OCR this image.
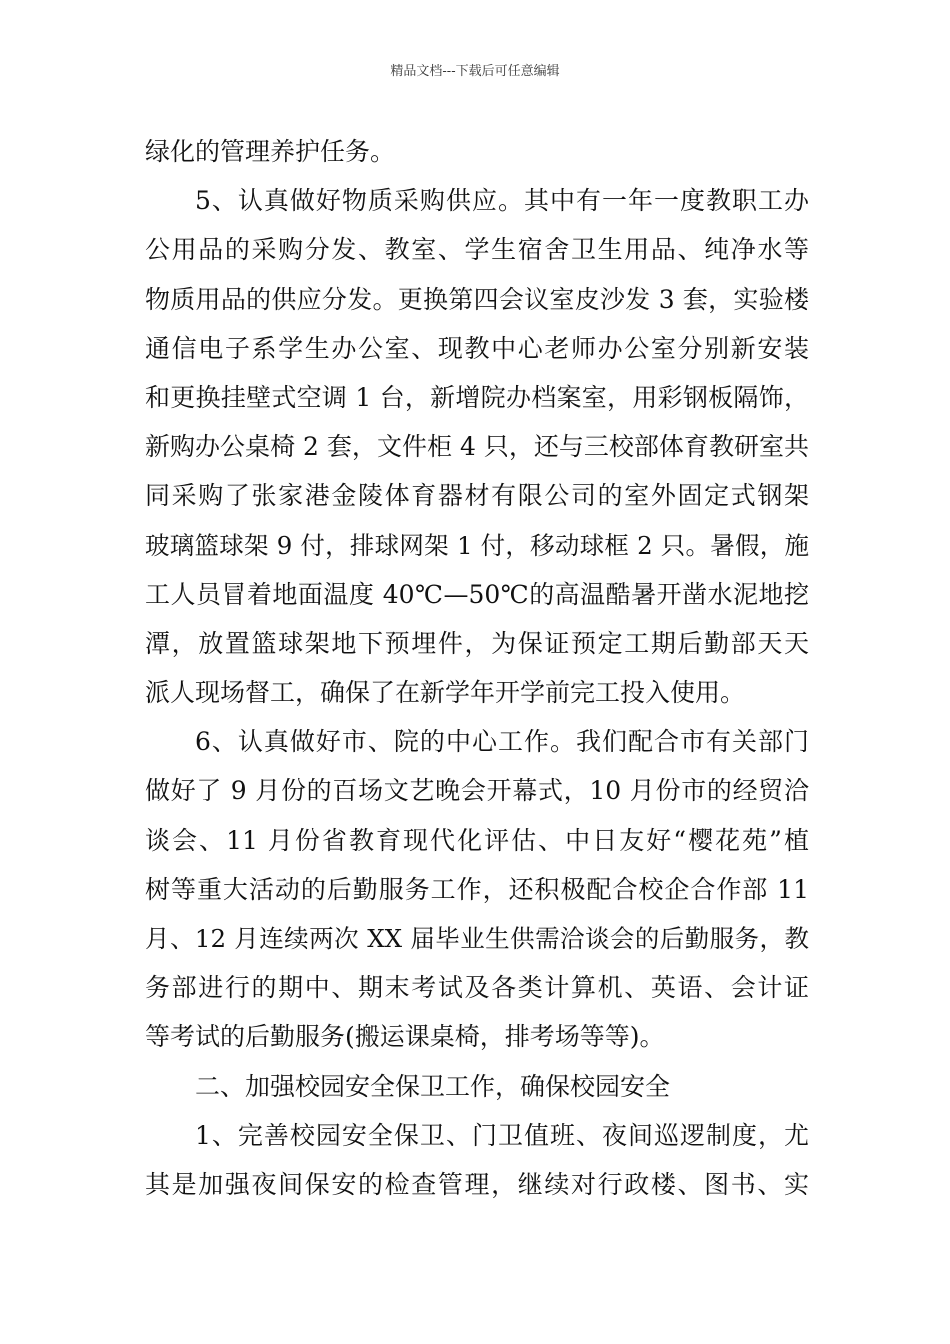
精品文档---下载后可任意编辑
绿化的管理养护任务。
5、认真做好物质采购供应。其中有一年一度教职工办
公用品的采购分发、教室、学生宿舍卫生用品、纯净水等
物质用品的供应分发。更换第四会议室皮沙发 3 套，实验楼
通信电子系学生办公室、现教中心老师办公室分别新安装
和更换挂壁式空调 1 台，新增院办档案室，用彩钢板隔饰，
新购办公桌椅 2 套，文件柜 4 只，还与三校部体育教研室共
同采购了张家港金陵体育器材有限公司的室外固定式钢架
玻璃篮球架 9 付，排球网架 1 付，移动球框 2 只。暑假，施
工人员冒着地面温度 40℃—50℃的高温酷暑开凿水泥地挖
潭，放置篮球架地下预埋件，为保证预定工期后勤部天天
派人现场督工，确保了在新学年开学前完工投入使用。
6、认真做好市、院的中心工作。我们配合市有关部门
做好了 9 月份的百场文艺晚会开幕式，10 月份市的经贸洽
谈会、11 月份省教育现代化评估、中日友好“樱花苑”植
树等重大活动的后勤服务工作，还积极配合校企合作部 11
月、12 月连续两次 XX 届毕业生供需洽谈会的后勤服务，教
务部进行的期中、期末考试及各类计算机、英语、会计证
等考试的后勤服务(搬运课桌椅，排考场等等)。
二、加强校园安全保卫工作，确保校园安全
1、完善校园安全保卫、门卫值班、夜间巡逻制度，尤
其是加强夜间保安的检查管理，继续对行政楼、图书、实
